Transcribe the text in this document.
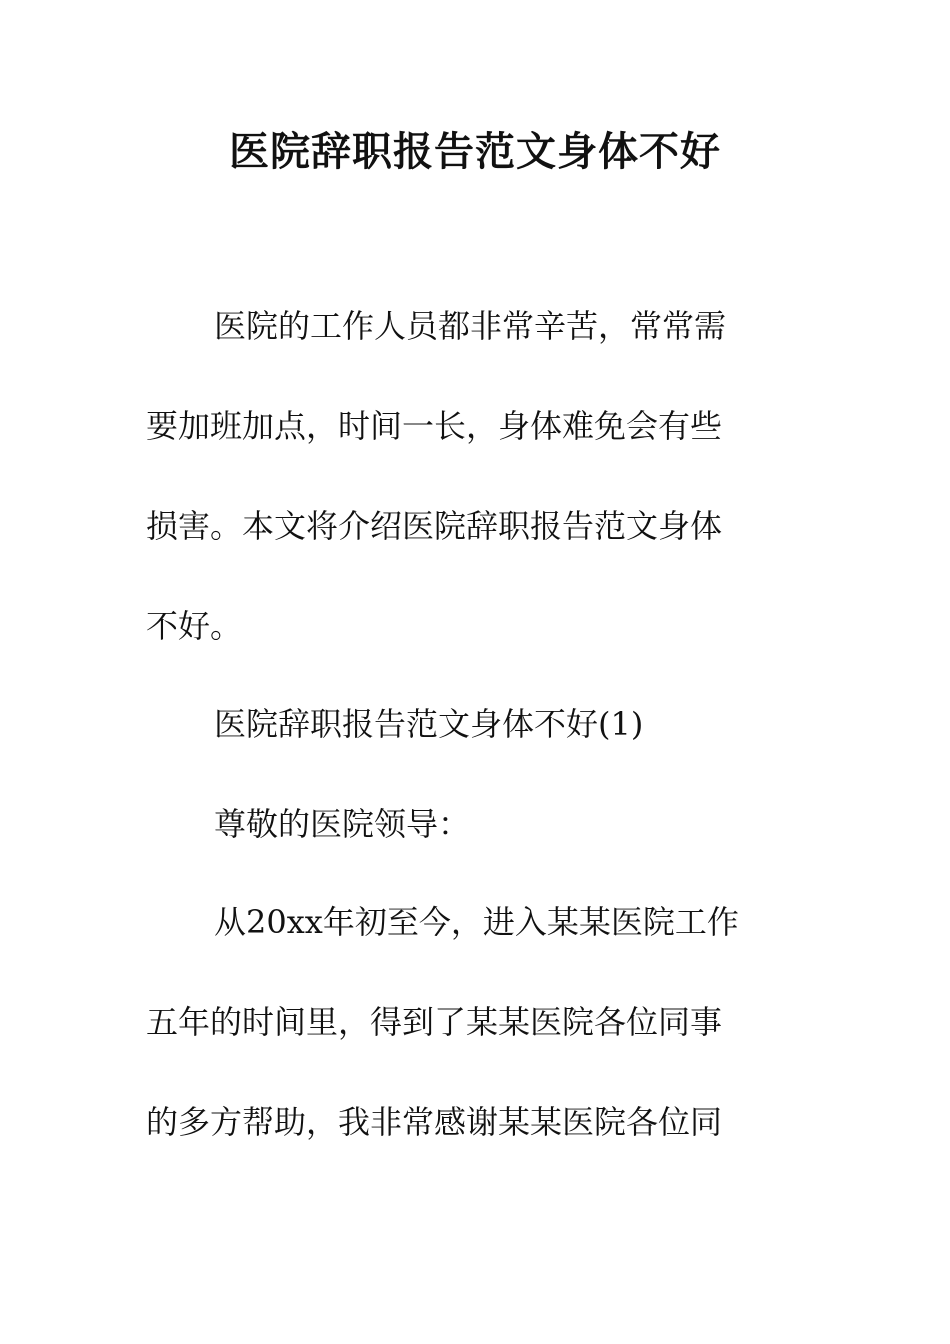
医院辞职报告范文身体不好
医院的工作人员都非常辛苦，常常需
要加班加点，时间一长，身体难免会有些
损害。本文将介绍医院辞职报告范文身体
不好。
医院辞职报告范文身体不好(1)
尊敬的医院领导：
从20xx年初至今，进入某某医院工作
五年的时间里，得到了某某医院各位同事
的多方帮助，我非常感谢某某医院各位同
